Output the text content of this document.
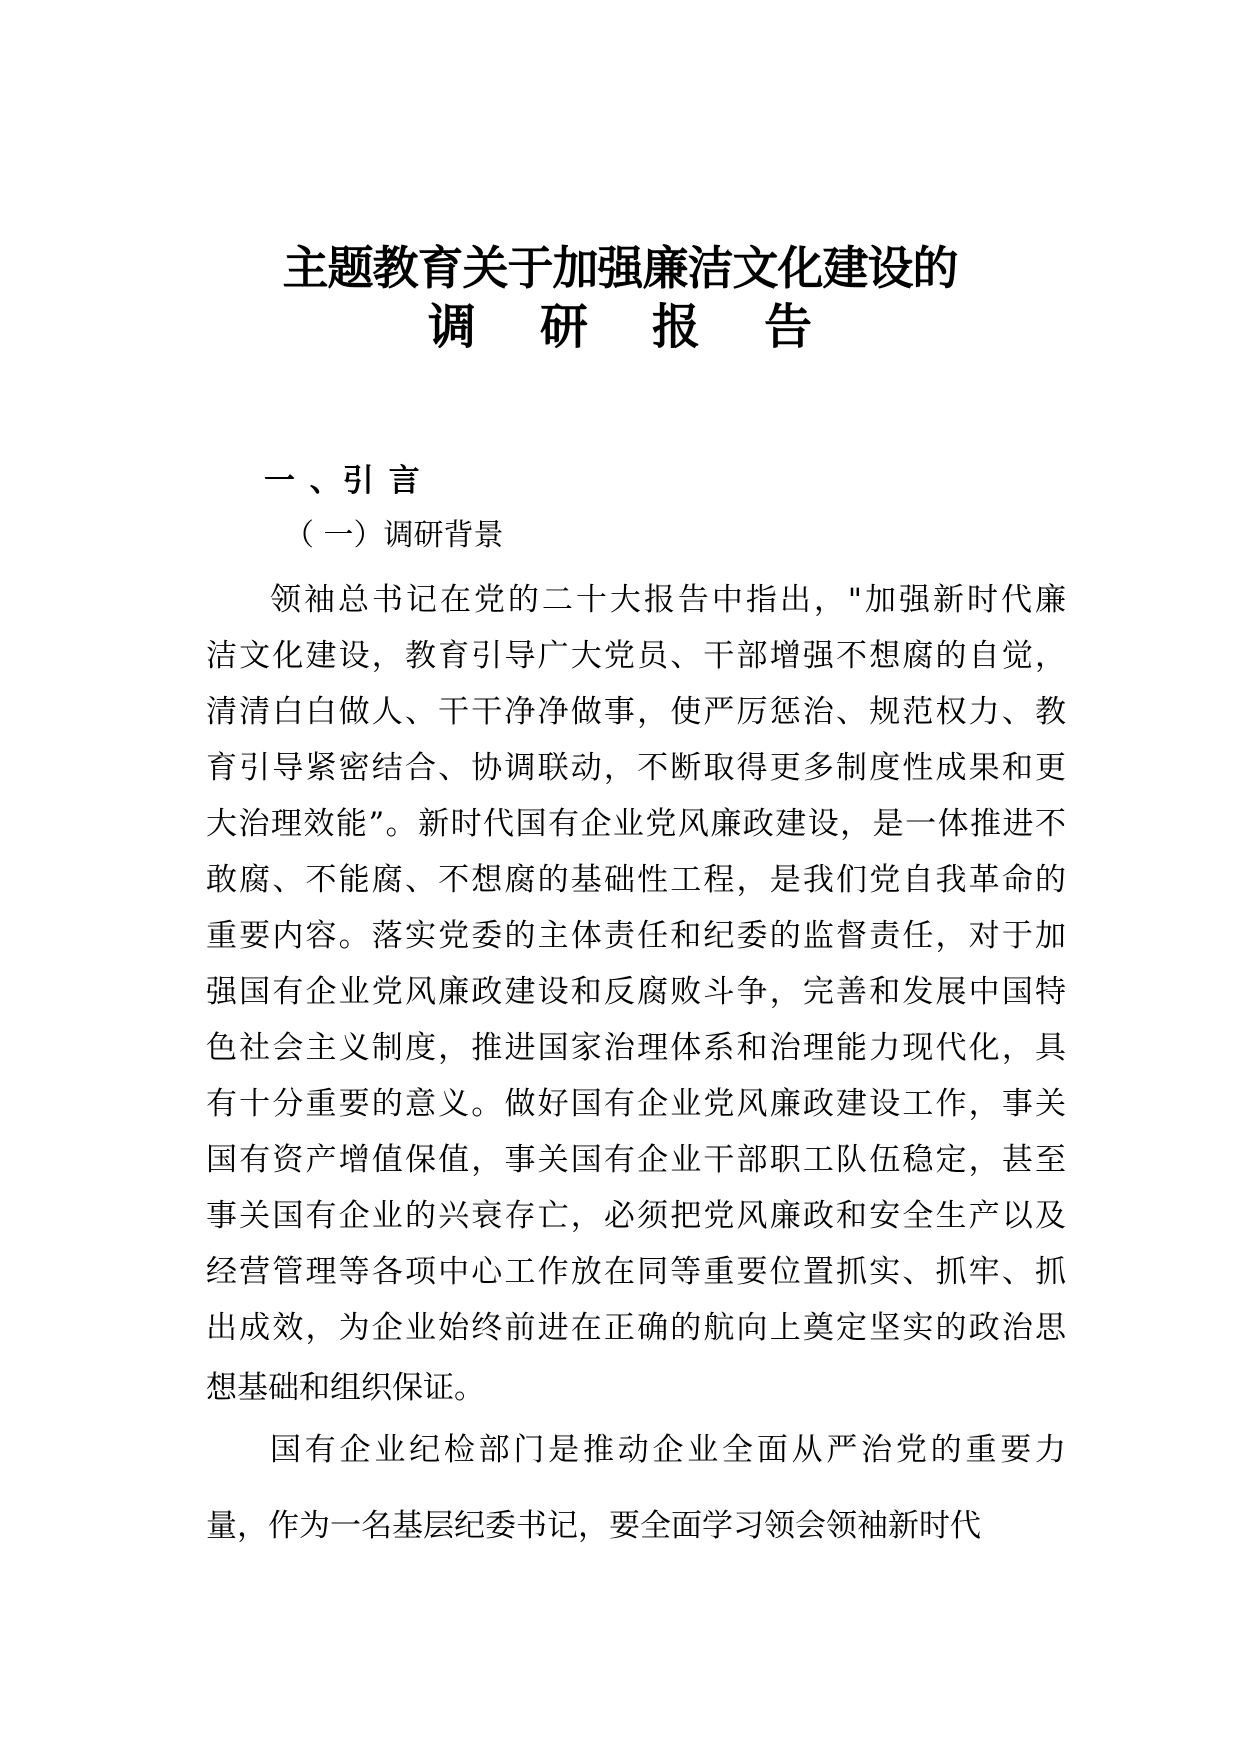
主题教育关于加强廉洁文化建设的
调 研 报 告
一 、引 言
（ 一）调研背景
领袖总书记在党的二十大报告中指出，"加强新时代廉
洁文化建设，教育引导广大党员、干部增强不想腐的自觉，
清清白白做人、干干净净做事，使严厉惩治、规范权力、教
育引导紧密结合、协调联动，不断取得更多制度性成果和更
大治理效能”。新时代国有企业党风廉政建设，是一体推进不
敢腐、不能腐、不想腐的基础性工程，是我们党自我革命的
重要内容。落实党委的主体责任和纪委的监督责任，对于加
强国有企业党风廉政建设和反腐败斗争，完善和发展中国特
色社会主义制度，推进国家治理体系和治理能力现代化，具
有十分重要的意义。做好国有企业党风廉政建设工作，事关
国有资产增值保值，事关国有企业干部职工队伍稳定，甚至
事关国有企业的兴衰存亡，必须把党风廉政和安全生产以及
经营管理等各项中心工作放在同等重要位置抓实、抓牢、抓
出成效，为企业始终前进在正确的航向上奠定坚实的政治思
想基础和组织保证。
国有企业纪检部门是推动企业全面从严治党的重要力
量，作为一名基层纪委书记，要全面学习领会领袖新时代
